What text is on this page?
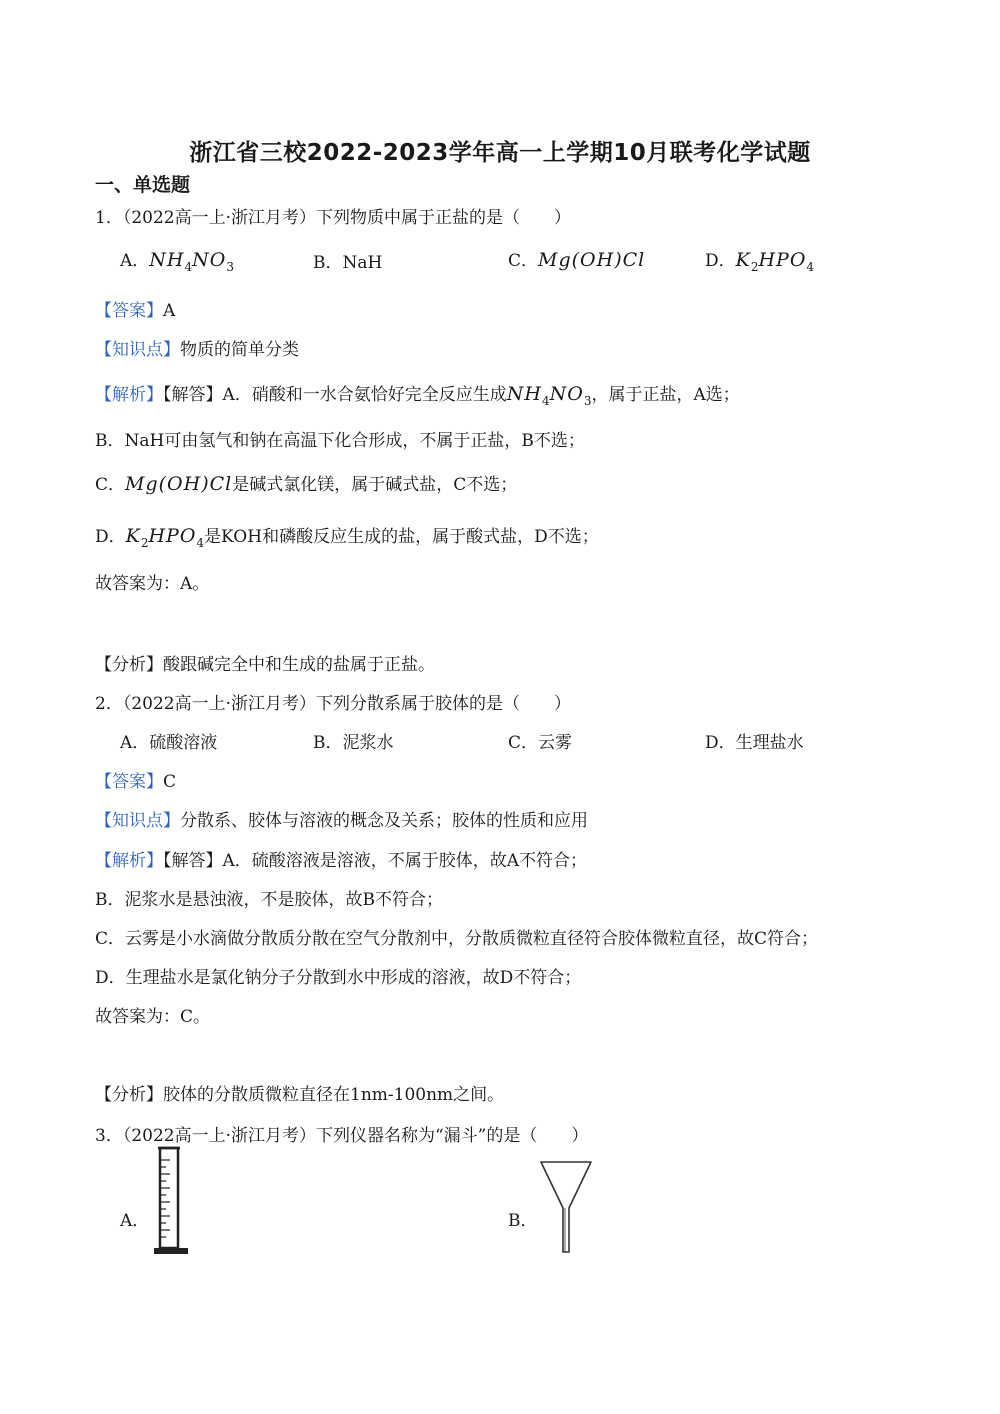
浙江省三校2022-2023学年高一上学期10月联考化学试题
一、单选题
1．（2022高一上·浙江月考）下列物质中属于正盐的是（　　）
A．$NH_4NO_3$	B．NaH	C．Mg(OH)Cl	D．$K_2HPO_4$
【答案】A
【知识点】物质的简单分类
【解析】【解答】A．硝酸和一水合氨恰好完全反应生成$NH_4NO_3$，属于正盐，A选；
B．NaH可由氢气和钠在高温下化合形成，不属于正盐，B不选；
C．Mg(OH)Cl是碱式氯化镁，属于碱式盐，C不选；
D．$K_2HPO_4$是KOH和磷酸反应生成的盐，属于酸式盐，D不选；
故答案为：A。
【分析】酸跟碱完全中和生成的盐属于正盐。
2．（2022高一上·浙江月考）下列分散系属于胶体的是（　　）
A．硫酸溶液	B．泥浆水	C．云雾	D．生理盐水
【答案】C
【知识点】分散系、胶体与溶液的概念及关系；胶体的性质和应用
【解析】【解答】A．硫酸溶液是溶液，不属于胶体，故A不符合；
B．泥浆水是悬浊液，不是胶体，故B不符合；
C．云雾是小水滴做分散质分散在空气分散剂中，分散质微粒直径符合胶体微粒直径，故C符合；
D．生理盐水是氯化钠分子分散到水中形成的溶液，故D不符合；
故答案为：C。
【分析】胶体的分散质微粒直径在1nm-100nm之间。
3．（2022高一上·浙江月考）下列仪器名称为“漏斗”的是（　　）
A．	B．
